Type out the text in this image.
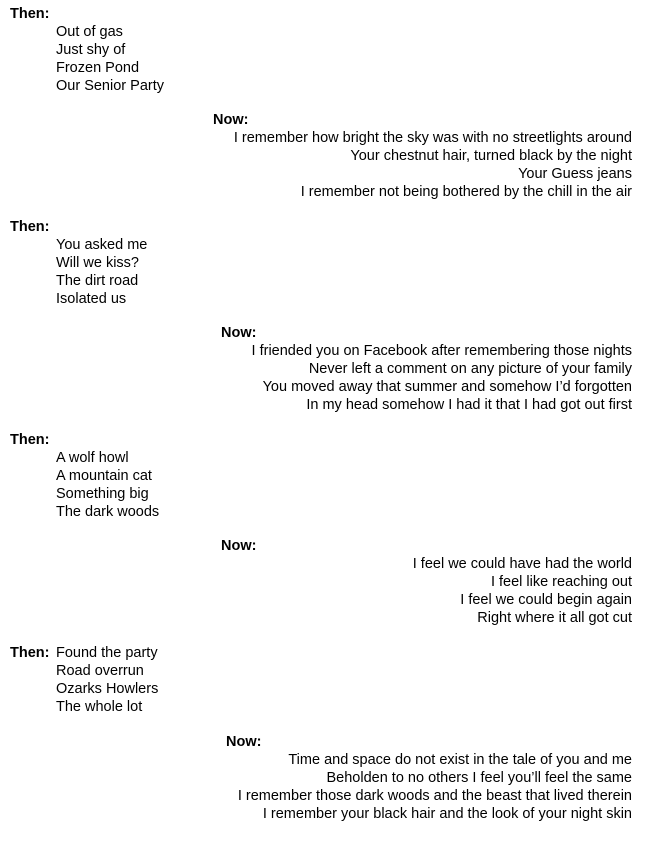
Then:
Out of gas
Just shy of
Frozen Pond
Our Senior Party
Now:
I remember how bright the sky was with no streetlights around
Your chestnut hair, turned black by the night
Your Guess jeans
I remember not being bothered by the chill in the air
Then:
You asked me
Will we kiss?
The dirt road
Isolated us
Now:
I friended you on Facebook after remembering those nights
Never left a comment on any picture of your family
You moved away that summer and somehow I’d forgotten
In my head somehow I had it that I had got out first
Then:
A wolf howl
A mountain cat
Something big
The dark woods
Now:
I feel we could have had the world
I feel like reaching out
I feel we could begin again
Right where it all got cut
Then: Found the party
Road overrun
Ozarks Howlers
The whole lot
Now:
Time and space do not exist in the tale of you and me
Beholden to no others I feel you’ll feel the same
I remember those dark woods and the beast that lived therein
I remember your black hair and the look of your night skin
